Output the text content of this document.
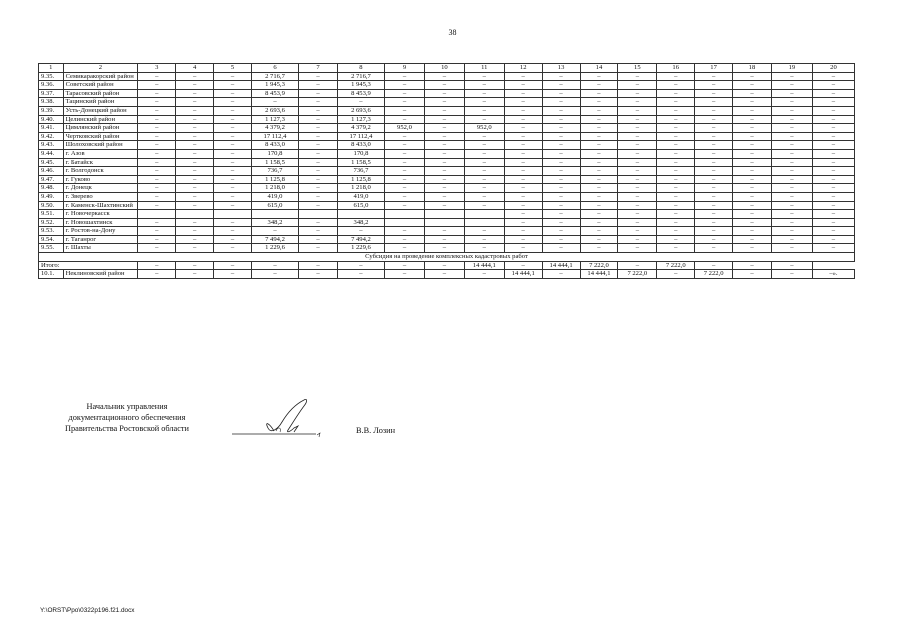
38
1	2	3	4	5	6	7	8	9	10	11	12	13	14	15	16	17	18	19	20
9.35.	Семикаракорский район	–	–	–	2 716,7	–	2 716,7	–	–	–	–	–	–	–	–	–	–	–	–
9.36.	Советский район	–	–	–	1 945,3	–	1 945,3	–	–	–	–	–	–	–	–	–	–	–	–
9.37.	Тарасовский район	–	–	–	8 453,9	–	8 453,9	–	–	–	–	–	–	–	–	–	–	–	–
9.38.	Тацинский район	–	–	–	–	–	–	–	–	–	–	–	–	–	–	–	–	–	–
9.39.	Усть-Донецкий район	–	–	–	2 693,6	–	2 693,6	–	–	–	–	–	–	–	–	–	–	–	–
9.40.	Целинский район	–	–	–	1 127,3	–	1 127,3	–	–	–	–	–	–	–	–	–	–	–	–
9.41.	Цимлянский район	–	–	–	4 379,2	–	4 379,2	952,0	–	952,0	–	–	–	–	–	–	–	–	–
9.42.	Чертковский район	–	–	–	17 112,4	–	17 112,4	–	–	–	–	–	–	–	–	–	–	–	–
9.43.	Шолоховский район	–	–	–	8 433,0	–	8 433,0	–	–	–	–	–	–	–	–	–	–	–	–
9.44.	г. Азов	–	–	–	170,8	–	170,8	–	–	–	–	–	–	–	–	–	–	–	–
9.45.	г. Батайск	–	–	–	1 158,5	–	1 158,5	–	–	–	–	–	–	–	–	–	–	–	–
9.46.	г. Волгодонск	–	–	–	736,7	–	736,7	–	–	–	–	–	–	–	–	–	–	–	–
9.47.	г. Гуково	–	–	–	1 125,8	–	1 125,8	–	–	–	–	–	–	–	–	–	–	–	–
9.48.	г. Донецк	–	–	–	1 218,0	–	1 218,0	–	–	–	–	–	–	–	–	–	–	–	–
9.49.	г. Зверево	–	–	–	419,0	–	419,0	–	–	–	–	–	–	–	–	–	–	–	–
9.50.	г. Каменск-Шахтинский	–	–	–	615,0	–	615,0	–	–	–	–	–	–	–	–	–	–	–	–
9.51.	г. Новочеркасск										–	–	–	–	–	–	–	–	–
9.52.	г. Новошахтинск	–	–	–	348,2	–	348,2				–	–	–	–	–	–	–	–	–
9.53.	г. Ростов-на-Дону	–	–	–	–	–	–	–	–	–	–	–	–	–	–	–	–	–	–
9.54.	г. Таганрог	–	–	–	7 494,2	–	7 494,2	–	–	–	–	–	–	–	–	–	–	–	–
9.55.	г. Шахты	–	–	–	1 229,6	–	1 229,6	–	–	–	–	–	–	–	–	–	–	–	–
Субсидия на проведение комплексных кадастровых работ																			
Итого:		–	–	–	–	–	–	–	–	14 444,1	–	14 444,1	7 222,0	–	7 222,0	–	–	–	
10.1.	Неклиновский район	–	–	–	–	–	–	–	–	–	14 444,1	–	14 444,1	7 222,0	–	7 222,0	–	–	–».
Начальник управления
документационного обеспечения
Правительства Ростовской области	В.В. Лозин
Y:\ORST\Ppo\0322p196.f21.docx
